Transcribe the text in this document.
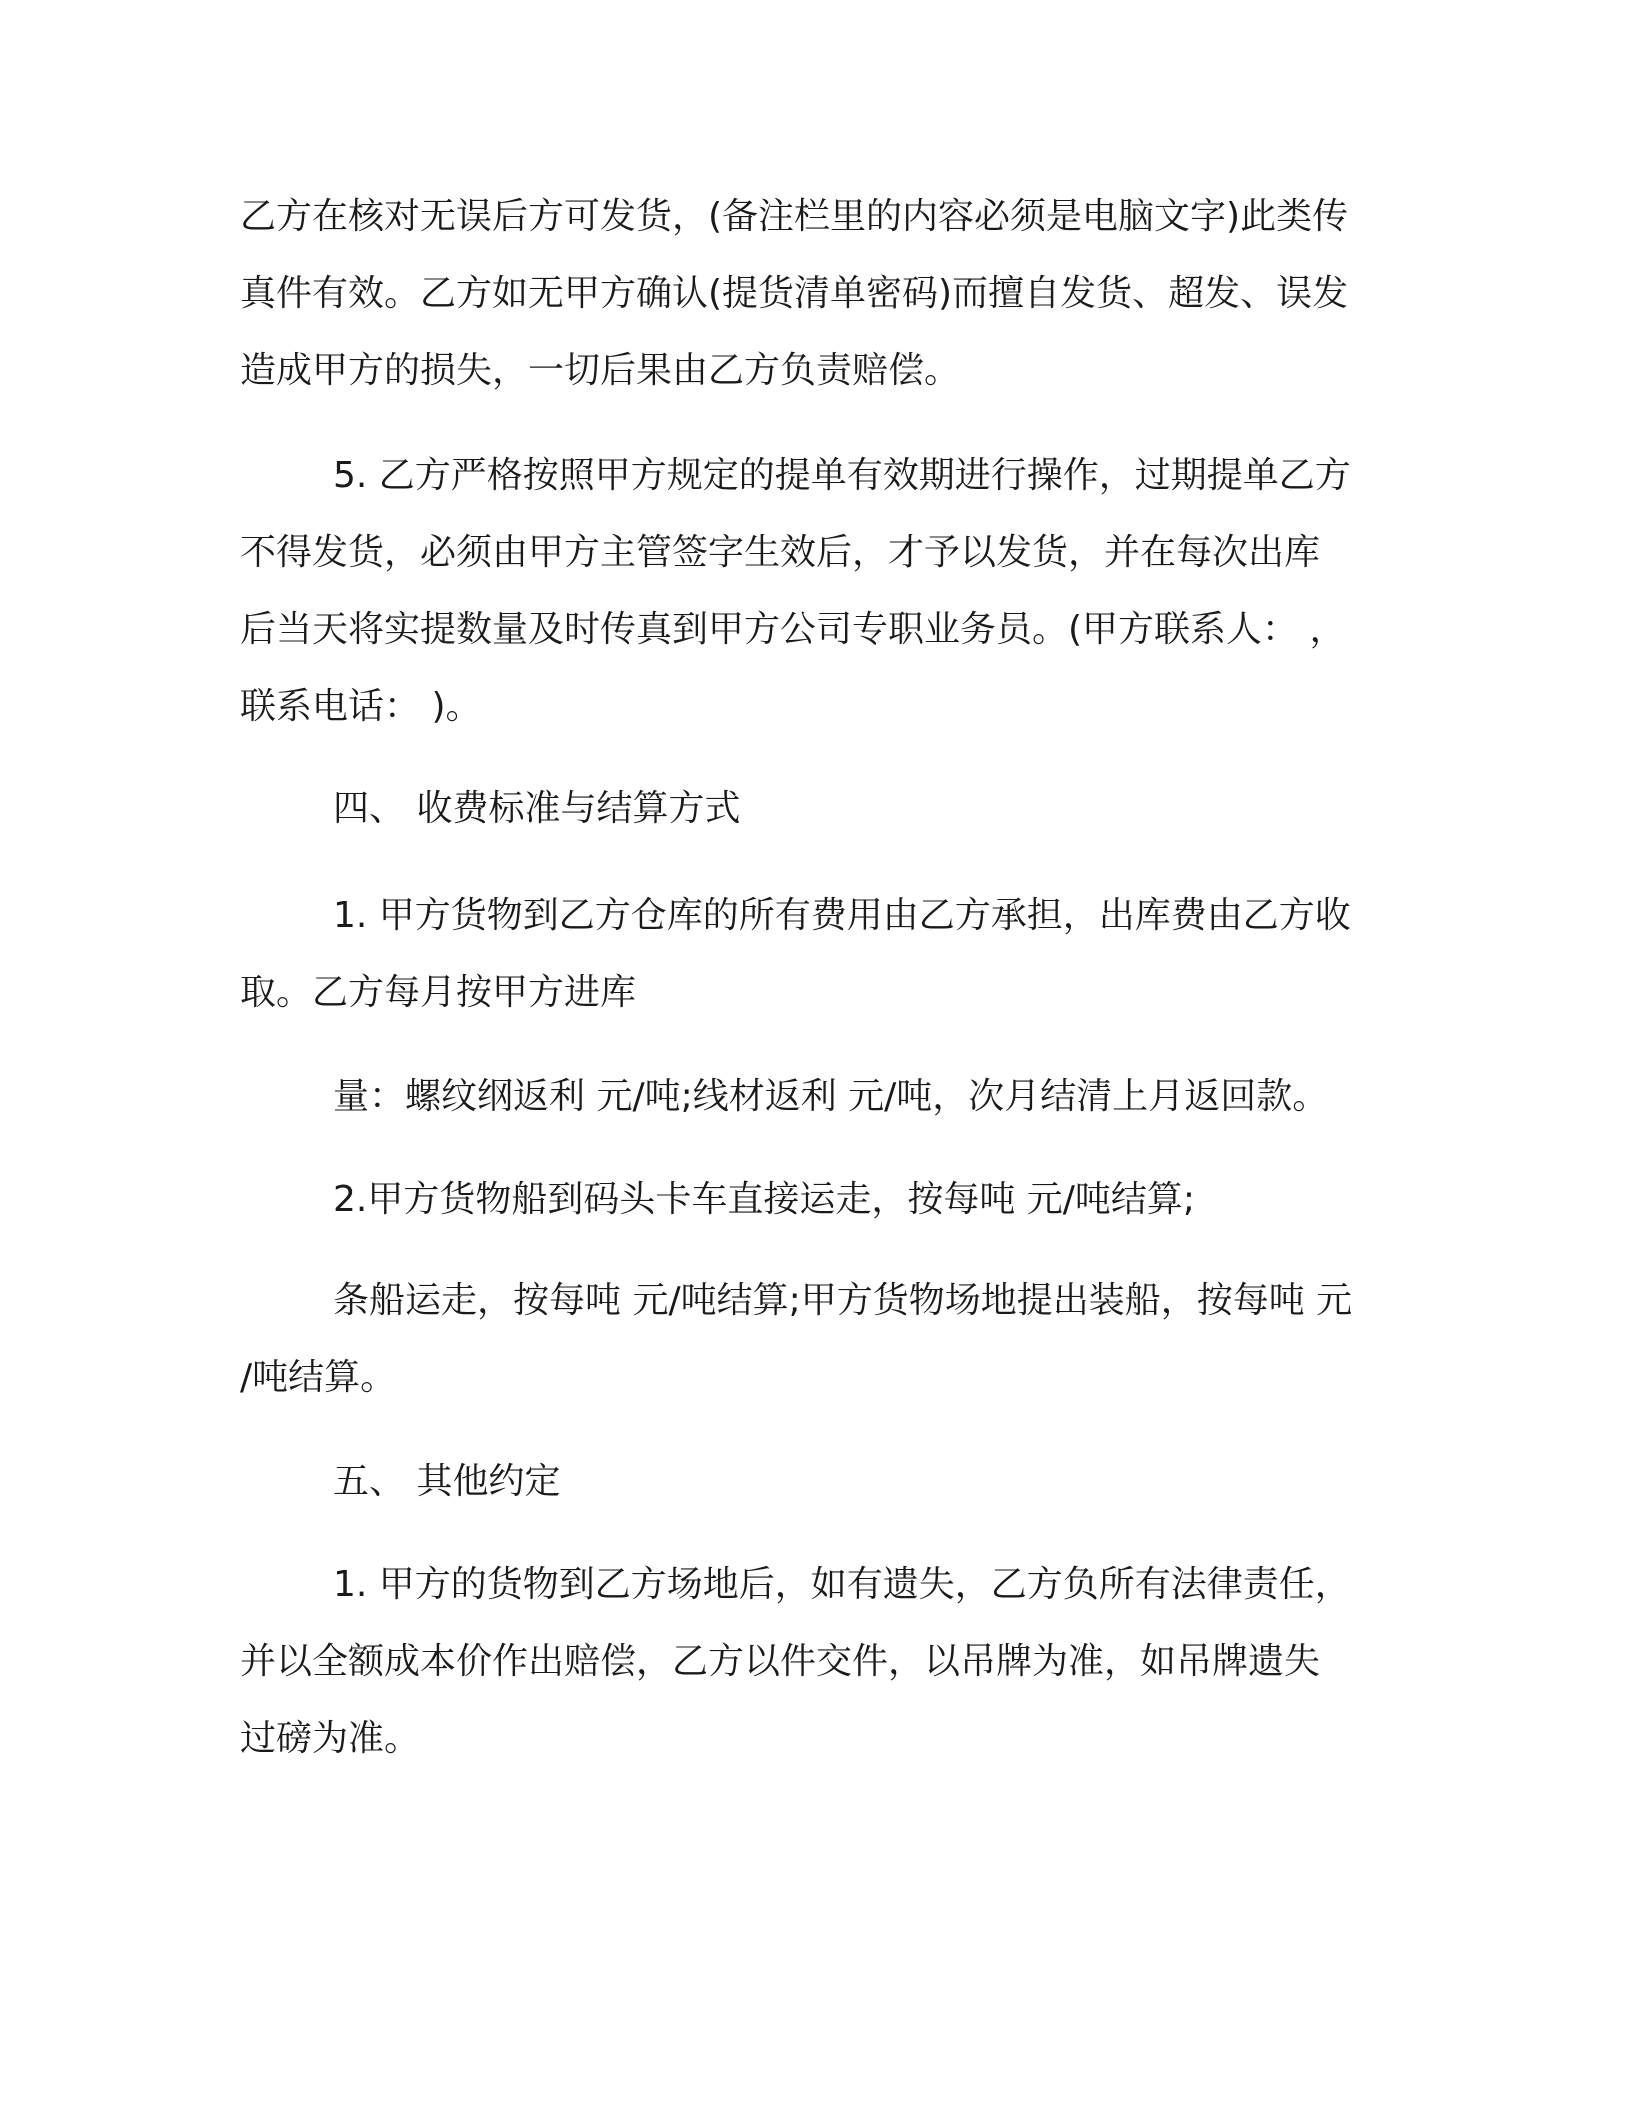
乙方在核对无误后方可发货，(备注栏里的内容必须是电脑文字)此类传
真件有效。乙方如无甲方确认(提货清单密码)而擅自发货、超发、误发
造成甲方的损失，一切后果由乙方负责赔偿。
5. 乙方严格按照甲方规定的提单有效期进行操作，过期提单乙方
不得发货，必须由甲方主管签字生效后，才予以发货，并在每次出库
后当天将实提数量及时传真到甲方公司专职业务员。(甲方联系人： ，
联系电话： )。
四、 收费标准与结算方式
1. 甲方货物到乙方仓库的所有费用由乙方承担，出库费由乙方收
取。乙方每月按甲方进库
量：螺纹纲返利 元/吨;线材返利 元/吨，次月结清上月返回款。
2.甲方货物船到码头卡车直接运走，按每吨 元/吨结算;
条船运走，按每吨 元/吨结算;甲方货物场地提出装船，按每吨 元
/吨结算。
五、 其他约定
1. 甲方的货物到乙方场地后，如有遗失，乙方负所有法律责任，
并以全额成本价作出赔偿，乙方以件交件，以吊牌为准，如吊牌遗失
过磅为准。
